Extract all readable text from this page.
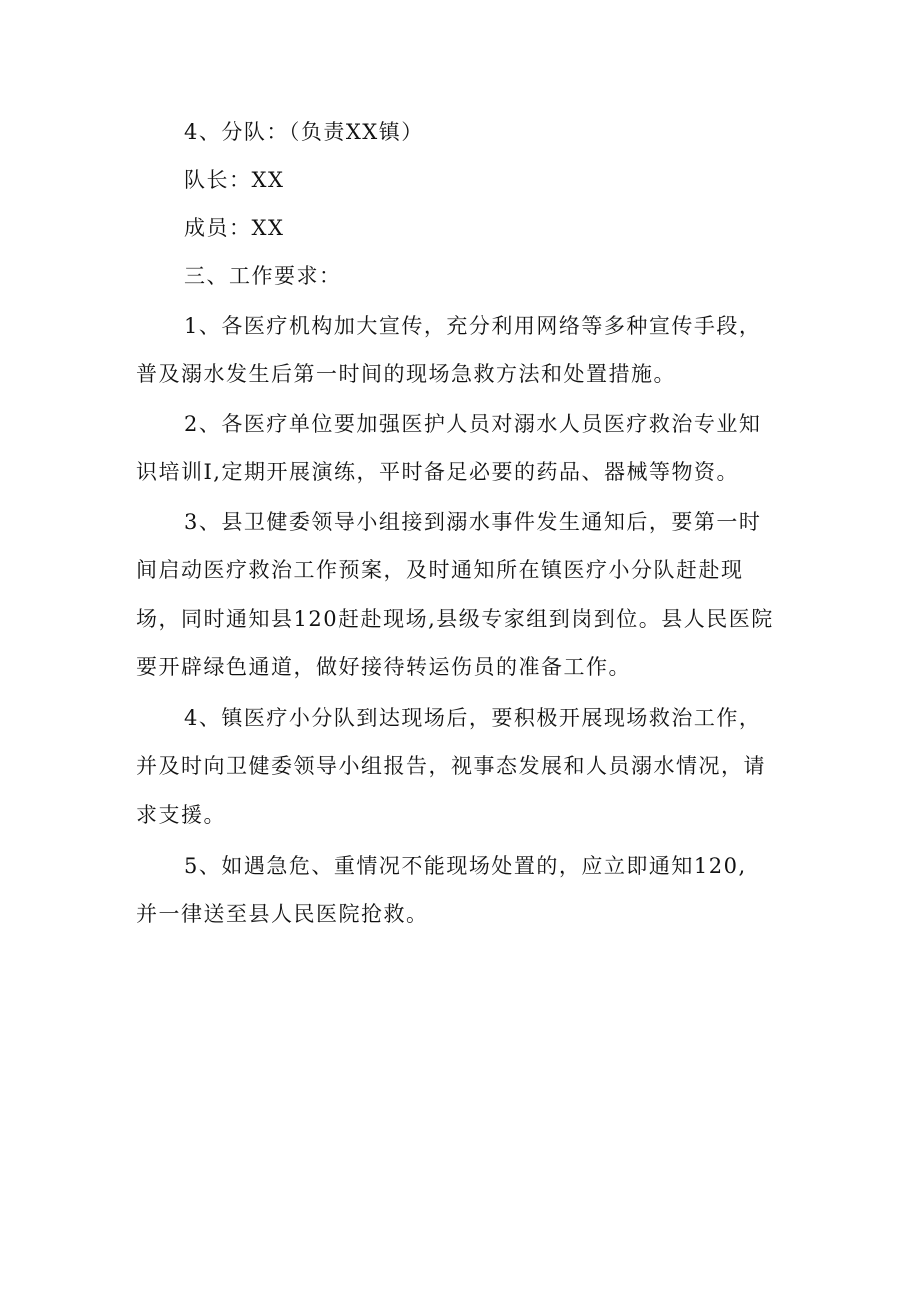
4、分队：（负责XX镇）

队长：XX

成员：XX

三、工作要求：

1、各医疗机构加大宣传，充分利用网络等多种宣传手段，

普及溺水发生后第一时间的现场急救方法和处置措施。

2、各医疗单位要加强医护人员对溺水人员医疗救治专业知

识培训I,定期开展演练，平时备足必要的药品、器械等物资。

3、县卫健委领导小组接到溺水事件发生通知后，要第一时

间启动医疗救治工作预案，及时通知所在镇医疗小分队赶赴现

场，同时通知县120赶赴现场,县级专家组到岗到位。县人民医院

要开辟绿色通道，做好接待转运伤员的准备工作。

4、镇医疗小分队到达现场后，要积极开展现场救治工作，

并及时向卫健委领导小组报告，视事态发展和人员溺水情况，请

求支援。

5、如遇急危、重情况不能现场处置的，应立即通知120,

并一律送至县人民医院抢救。
